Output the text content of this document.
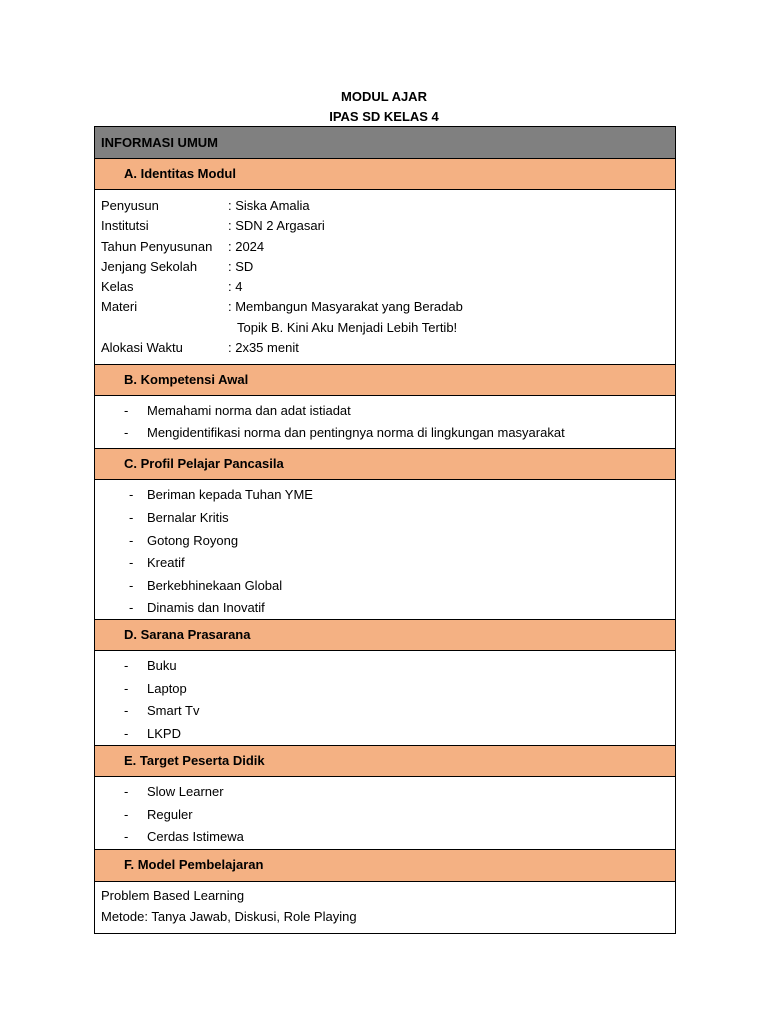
MODUL AJAR
IPAS SD KELAS 4
INFORMASI UMUM
A. Identitas Modul
Penyusun	: Siska Amalia
Institutsi	: SDN 2 Argasari
Tahun Penyusunan : 2024
Jenjang Sekolah : SD
Kelas	: 4
Materi	: Membangun Masyarakat yang Beradab
Topik B. Kini Aku Menjadi Lebih Tertib!
Alokasi Waktu	: 2x35 menit
B. Kompetensi Awal
- Memahami norma dan adat istiadat
- Mengidentifikasi norma dan pentingnya norma di lingkungan masyarakat
C. Profil Pelajar Pancasila
- Beriman kepada Tuhan YME
- Bernalar Kritis
- Gotong Royong
- Kreatif
- Berkebhinekaan Global
- Dinamis dan Inovatif
D. Sarana Prasarana
- Buku
- Laptop
- Smart Tv
- LKPD
E. Target Peserta Didik
- Slow Learner
- Reguler
- Cerdas Istimewa
F. Model Pembelajaran
Problem Based Learning
Metode: Tanya Jawab, Diskusi, Role Playing
